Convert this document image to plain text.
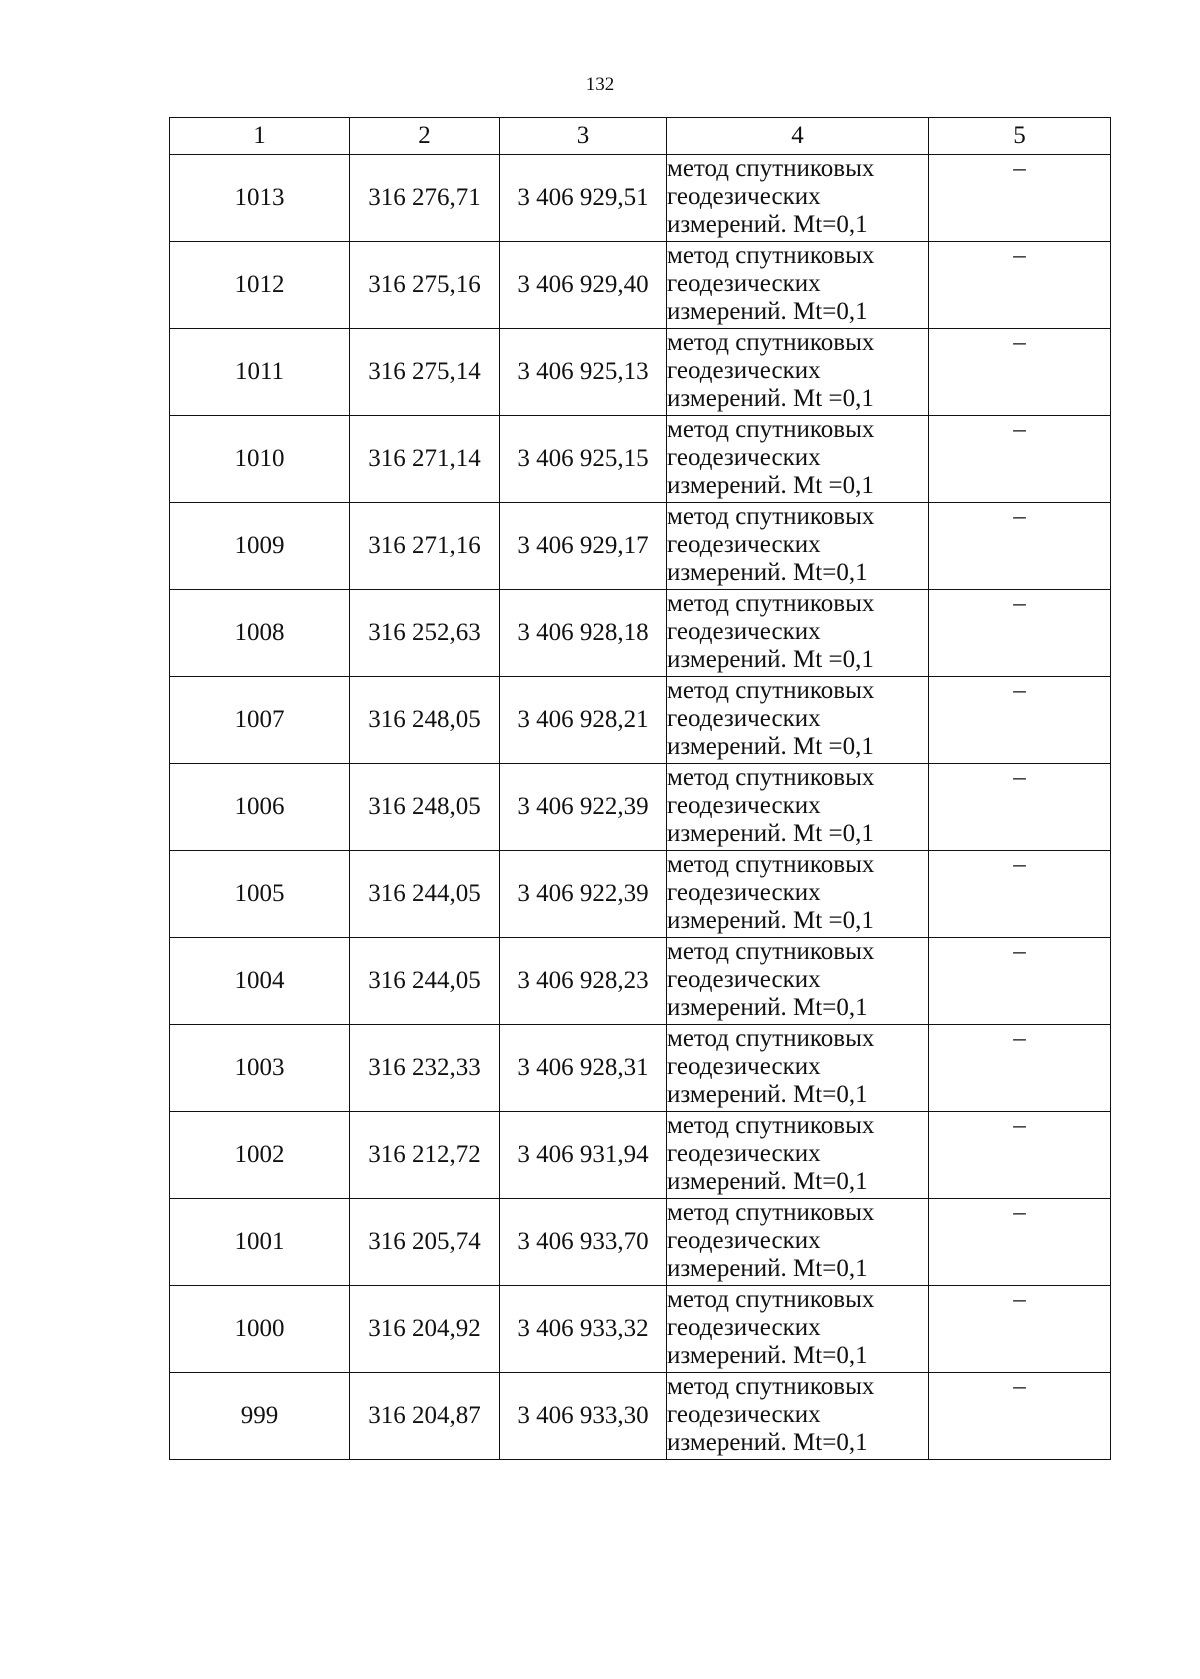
132
1	2	3	4	5
1013	316 276,71	3 406 929,51	метод спутниковых
геодезических
измерений. Mt=0,1	–
1012	316 275,16	3 406 929,40	метод спутниковых
геодезических
измерений. Mt=0,1	–
1011	316 275,14	3 406 925,13	метод спутниковых
геодезических
измерений. Mt =0,1	–
1010	316 271,14	3 406 925,15	метод спутниковых
геодезических
измерений. Mt =0,1	–
1009	316 271,16	3 406 929,17	метод спутниковых
геодезических
измерений. Mt=0,1	–
1008	316 252,63	3 406 928,18	метод спутниковых
геодезических
измерений. Mt =0,1	–
1007	316 248,05	3 406 928,21	метод спутниковых
геодезических
измерений. Mt =0,1	–
1006	316 248,05	3 406 922,39	метод спутниковых
геодезических
измерений. Mt =0,1	–
1005	316 244,05	3 406 922,39	метод спутниковых
геодезических
измерений. Mt =0,1	–
1004	316 244,05	3 406 928,23	метод спутниковых
геодезических
измерений. Mt=0,1	–
1003	316 232,33	3 406 928,31	метод спутниковых
геодезических
измерений. Mt=0,1	–
1002	316 212,72	3 406 931,94	метод спутниковых
геодезических
измерений. Mt=0,1	–
1001	316 205,74	3 406 933,70	метод спутниковых
геодезических
измерений. Mt=0,1	–
1000	316 204,92	3 406 933,32	метод спутниковых
геодезических
измерений. Mt=0,1	–
999	316 204,87	3 406 933,30	метод спутниковых
геодезических
измерений. Mt=0,1	–
